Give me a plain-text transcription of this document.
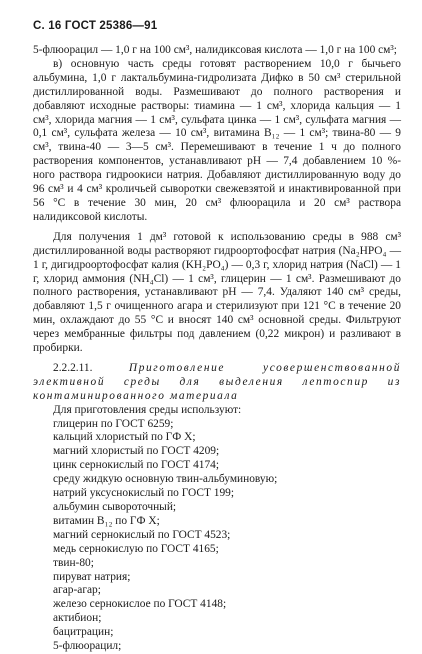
С. 16 ГОСТ 25386—91

5-флюорацил — 1,0 г на 100 см³, налидиксовая кислота — 1,0 г на 100 см³;

в) основную часть среды готовят растворением 10,0 г бычьего альбумина, 1,0 г лактальбумина-гидролизата Дифко в 50 см³ стерильной дистиллированной воды. Размешивают до полного растворения и добавляют исходные растворы: тиамина — 1 см³, хлорида кальция — 1 см³, хлорида магния — 1 см³, сульфата цинка — 1 см³, сульфата магния — 0,1 см³, сульфата железа — 10 см³, витамина B₁₂ — 1 см³; твина-80 — 9 см³, твина-40 — 3—5 см³. Перемешивают в течение 1 ч до полного растворения компонентов, устанавливают pH — 7,4 добавлением 10 %-ного раствора гидроокиси натрия. Добавляют дистиллированную воду до 96 см³ и 4 см³ кроличьей сыворотки свежевзятой и инактивированной при 56 °С в течение 30 мин, 20 см³ флюорацила и 20 см³ раствора налидиксовой кислоты.

Для получения 1 дм³ готовой к использованию среды в 988 см³ дистиллированной воды растворяют гидроортофосфат натрия (Na₂HPO₄ — 1 г, дигидроортофосфат калия (KH₂PO₄) — 0,3 г, хлорид натрия (NaCl) — 1 г, хлорид аммония (NH₄Cl) — 1 см³, глицерин — 1 см³. Размешивают до полного растворения, устанавливают pH — 7,4. Удаляют 140 см³ среды, добавляют 1,5 г очищенного агара и стерилизуют при 121 °С в течение 20 мин, охлаждают до 55 °С и вносят 140 см³ основной среды. Фильтруют через мембранные фильтры под давлением (0,22 микрон) и разливают в пробирки.

2.2.2.11.	Приготовление усовершенствованной элективной среды для выделения лептоспир из контаминированного материала

Для приготовления среды используют:

глицерин по ГОСТ 6259;
кальций хлористый по ГФ X;
магний хлористый по ГОСТ 4209;
цинк сернокислый по ГОСТ 4174;
среду жидкую основную твин-альбуминовую;
натрий уксуснокислый по ГОСТ 199;
альбумин сывороточный;
витамин B₁₂ по ГФ X;
магний сернокислый по ГОСТ 4523;
медь сернокислую по ГОСТ 4165;
твин-80;
пируват натрия;
агар-агар;
железо сернокислое по ГОСТ 4148;
актибион;
бацитрацин;
5-флюорацил;
